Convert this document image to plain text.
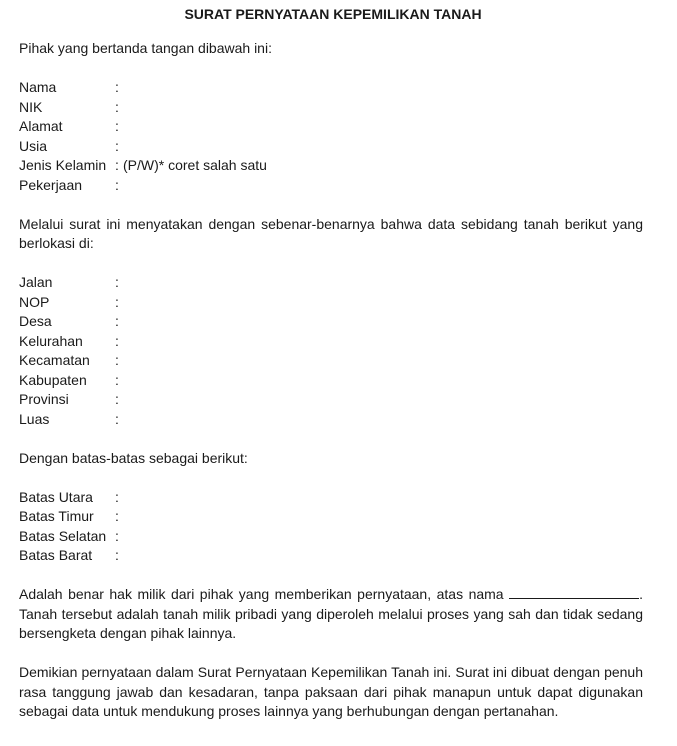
SURAT PERNYATAAN KEPEMILIKAN TANAH

Pihak yang bertanda tangan dibawah ini:

Nama	:
NIK	:
Alamat	:
Usia	:
Jenis Kelamin : (P/W)* coret salah satu
Pekerjaan	:

Melalui surat ini menyatakan dengan sebenar-benarnya bahwa data sebidang tanah berikut yang berlokasi di:

Jalan	:
NOP	:
Desa	:
Kelurahan	:
Kecamatan	:
Kabupaten	:
Provinsi	:
Luas	:

Dengan batas-batas sebagai berikut:

Batas Utara	:
Batas Timur	:
Batas Selatan :
Batas Barat	:

Adalah benar hak milik dari pihak yang memberikan pernyataan, atas nama	. Tanah tersebut adalah tanah milik pribadi yang diperoleh melalui proses yang sah dan tidak sedang bersengketa dengan pihak lainnya.

Demikian pernyataan dalam Surat Pernyataan Kepemilikan Tanah ini. Surat ini dibuat dengan penuh rasa tanggung jawab dan kesadaran, tanpa paksaan dari pihak manapun untuk dapat digunakan sebagai data untuk mendukung proses lainnya yang berhubungan dengan pertanahan.
